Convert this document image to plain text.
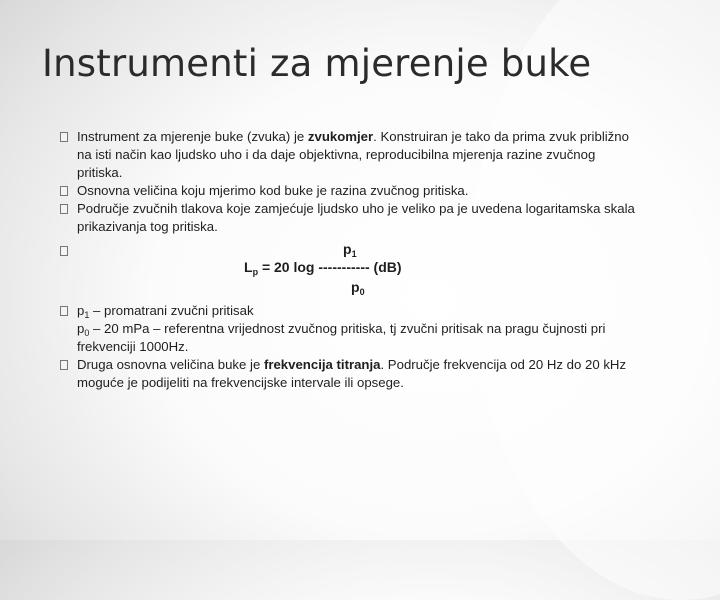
Instrumenti za mjerenje buke

Instrument za mjerenje buke (zvuka) je zvukomjer. Konstruiran je tako da prima zvuk približno na isti način kao ljudsko uho i da daje objektivna, reproducibilna mjerenja razine zvučnog pritiska.

Osnovna veličina koju mjerimo kod buke je razina zvučnog pritiska.

Područje zvučnih tlakova koje zamjećuje ljudsko uho je veliko pa je uvedena logaritamska skala prikazivanja tog pritiska.

$p_1$
$L_p = 20$ log ----------- (dB)
$p_0$

$p_1$ – promatrani zvučni pritisak

$p_0 - 20$ mPa – referentna vrijednost zvučnog pritiska, tj zvučni pritisak na pragu čujnosti pri frekvenciji 1000Hz.

Druga osnovna veličina buke je frekvencija titranja. Područje frekvencija od 20 Hz do 20 kHz moguće je podijeliti na frekvencijske intervale ili opsege.
